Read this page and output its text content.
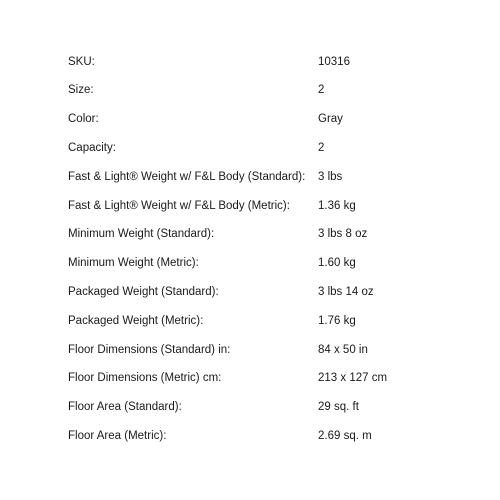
SKU:	10316
Size:	2
Color:	Gray
Capacity:	2
Fast & Light® Weight w/ F&L Body (Standard):	3 lbs
Fast & Light® Weight w/ F&L Body (Metric):	1.36 kg
Minimum Weight (Standard):	3 lbs 8 oz
Minimum Weight (Metric):	1.60 kg
Packaged Weight (Standard):	3 lbs 14 oz
Packaged Weight (Metric):	1.76 kg
Floor Dimensions (Standard) in:	84 x 50 in
Floor Dimensions (Metric) cm:	213 x 127 cm
Floor Area (Standard):	29 sq. ft
Floor Area (Metric):	2.69 sq. m
